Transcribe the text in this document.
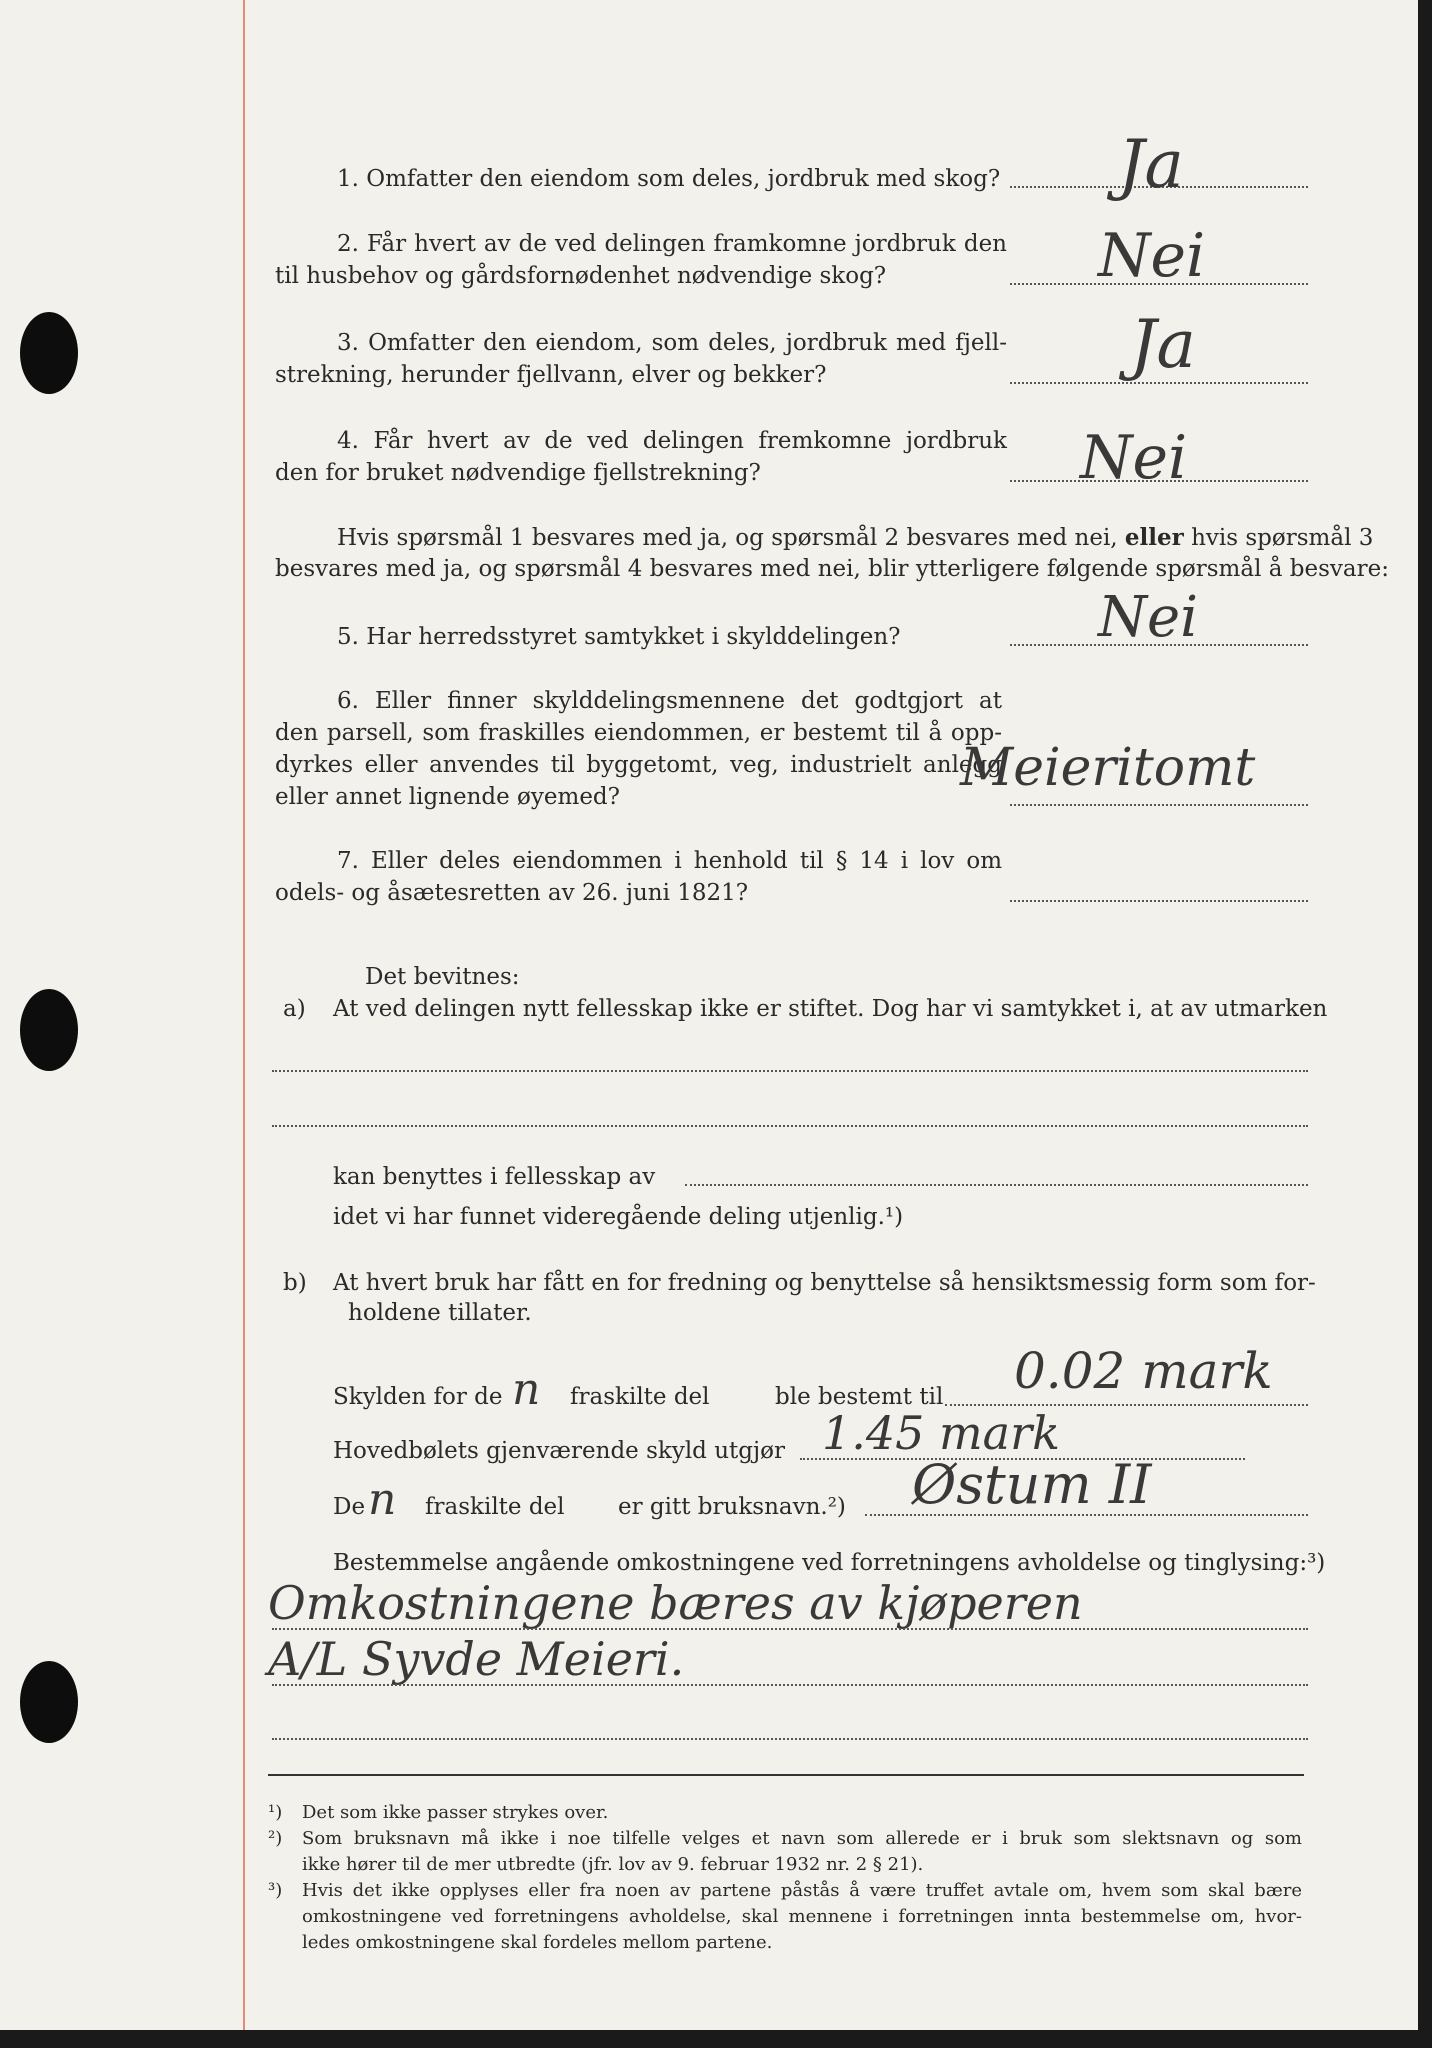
1. Omfatter den eiendom som deles, jordbruk med skog? Ja
2. Får hvert av de ved delingen framkomne jordbruk den
til husbehov og gårdsfornødenhet nødvendige skog?	Nei
3. Omfatter den eiendom, som deles, jordbruk med fjell-
strekning, herunder fjellvann, elver og bekker?	Ja
4. Får hvert av de ved delingen fremkomne jordbruk
den for bruket nødvendige fjellstrekning?	Nei
Hvis spørsmål 1 besvares med ja, og spørsmål 2 besvares med nei, eller hvis spørsmål 3
besvares med ja, og spørsmål 4 besvares med nei, blir ytterligere følgende spørsmål å besvare:
5. Har herredsstyret samtykket i skylddelingen?	Nei
6. Eller finner skylddelingsmennene det godtgjort at
den parsell, som fraskilles eiendommen, er bestemt til å opp-
dyrkes eller anvendes til byggetomt, veg, industrielt anlegg
eller annet lignende øyemed?	Meieritomt
7. Eller deles eiendommen i henhold til § 14 i lov om
odels- og åsætesretten av 26. juni 1821?
Det bevitnes:
a) At ved delingen nytt fellesskap ikke er stiftet. Dog har vi samtykket i, at av utmarken
kan benyttes i fellesskap av
idet vi har funnet videregående deling utjenlig.¹)
b) At hvert bruk har fått en for fredning og benyttelse så hensiktsmessig form som for-
holdene tillater.
Skylden for de n fraskilte del	ble bestemt til 0.02 mark
Hovedbølets gjenværende skyld utgjør 1.45 mark
De n fraskilte del er gitt bruksnavn.²) Østum II
Bestemmelse angående omkostningene ved forretningens avholdelse og tinglysing:³)
Omkostningene bæres av kjøperen
A/L Syvde Meieri.
¹) Det som ikke passer strykes over.
²) Som bruksnavn må ikke i noe tilfelle velges et navn som allerede er i bruk som slektsnavn og som
ikke hører til de mer utbredte (jfr. lov av 9. februar 1932 nr. 2 § 21).
³) Hvis det ikke opplyses eller fra noen av partene påstås å være truffet avtale om, hvem som skal bære
omkostningene ved forretningens avholdelse, skal mennene i forretningen innta bestemmelse om, hvor-
ledes omkostningene skal fordeles mellom partene.
